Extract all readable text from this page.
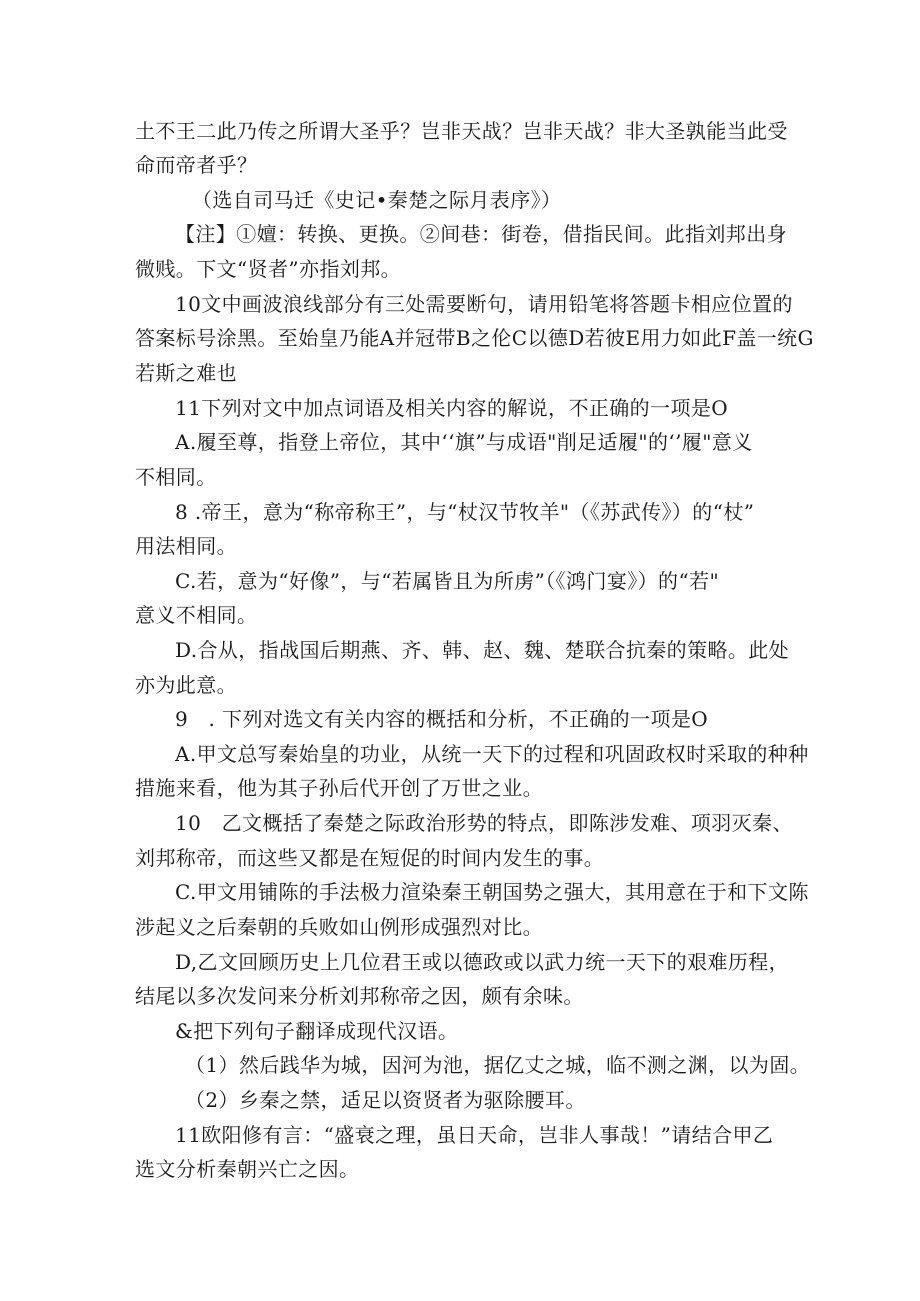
土不王二此乃传之所谓大圣乎？岂非天战？岂非天战？非大圣孰能当此受
命而帝者乎？
（选自司马迁《史记•秦楚之际月表序》）
【注】①嬗：转换、更换。②间巷：街卷，借指民间。此指刘邦出身
微贱。下文“贤者”亦指刘邦。
10文中画波浪线部分有三处需要断句，请用铅笔将答题卡相应位置的
答案标号涂黑。至始皇乃能A并冠带B之伦C以德D若彼E用力如此F盖一统G
若斯之难也
11下列对文中加点词语及相关内容的解说，不正确的一项是O
A.履至尊，指登上帝位，其中‘‘旗”与成语"削足适履"的‘’履"意义
不相同。
8 .帝王，意为“称帝称王”，与“杖汉节牧羊"（《苏武传》）的“杖”
用法相同。
C.若，意为“好像”，与“若属皆且为所虏”（《鸿门宴》）的“若"
意义不相同。
D.合从，指战国后期燕、齐、韩、赵、魏、楚联合抗秦的策略。此处
亦为此意。
9　. 下列对选文有关内容的概括和分析，不正确的一项是O
A.甲文总写秦始皇的功业，从统一天下的过程和巩固政权时采取的种种
措施来看，他为其子孙后代开创了万世之业。
10　乙文概括了秦楚之际政治形势的特点，即陈涉发难、项羽灭秦、
刘邦称帝，而这些又都是在短促的时间内发生的事。
C.甲文用铺陈的手法极力渲染秦王朝国势之强大，其用意在于和下文陈
涉起义之后秦朝的兵败如山例形成强烈对比。
D,乙文回顾历史上几位君王或以德政或以武力统一天下的艰难历程，
结尾以多次发问来分析刘邦称帝之因，颇有余味。
&把下列句子翻译成现代汉语。
（1）然后践华为城，因河为池，据亿丈之城，临不测之渊，以为固。
（2）乡秦之禁，适足以资贤者为驱除腰耳。
11欧阳修有言：“盛衰之理，虽日天命，岂非人事哉！”请结合甲乙
选文分析秦朝兴亡之因。
